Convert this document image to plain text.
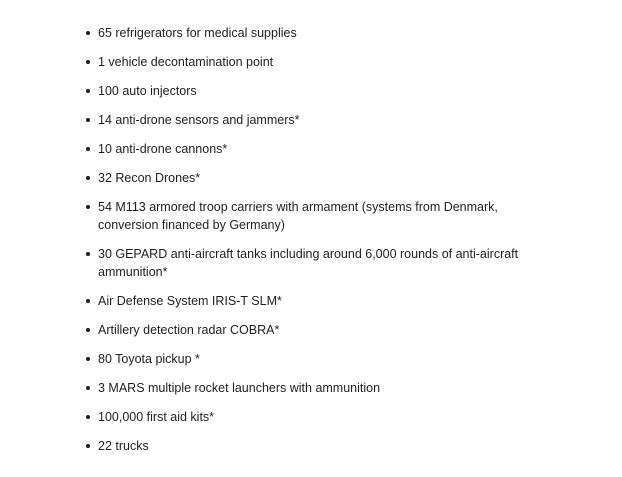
65 refrigerators for medical supplies
1 vehicle decontamination point
100 auto injectors
14 anti-drone sensors and jammers*
10 anti-drone cannons*
32 Recon Drones*
54 M113 armored troop carriers with armament (systems from Denmark, conversion financed by Germany)
30 GEPARD anti-aircraft tanks including around 6,000 rounds of anti-aircraft ammunition*
Air Defense System IRIS-T SLM*
Artillery detection radar COBRA*
80 Toyota pickup *
3 MARS multiple rocket launchers with ammunition
100,000 first aid kits*
22 trucks
